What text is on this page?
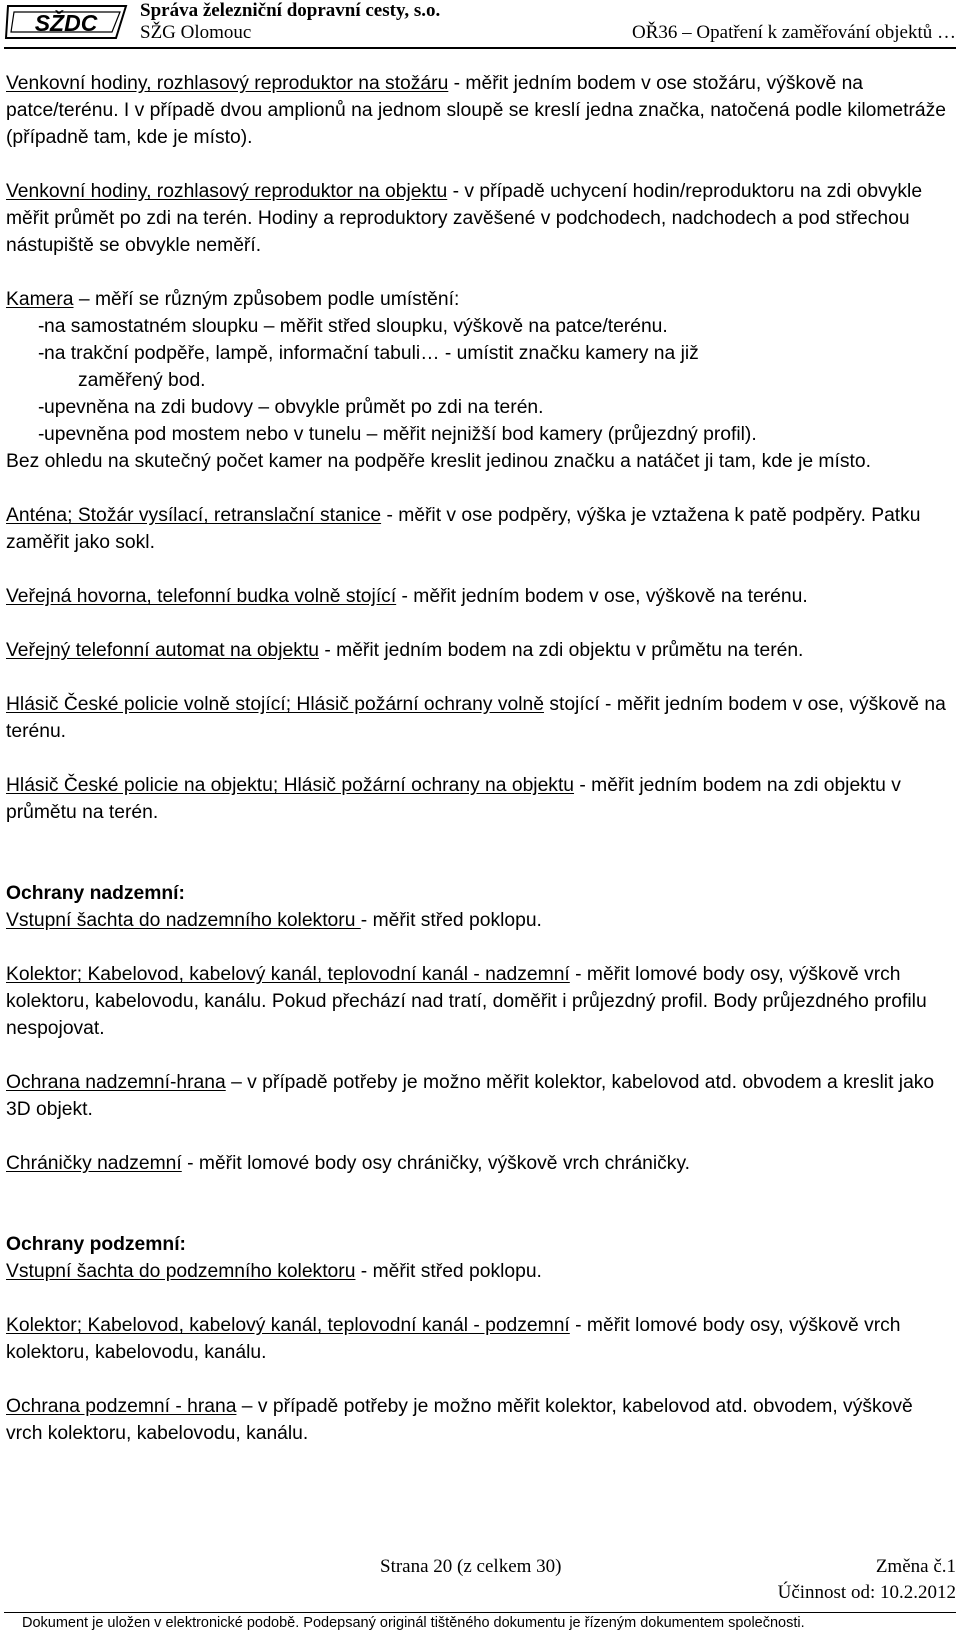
SŽDC Správa železniční dopravní cesty, s.o.
SŽG Olomouc	OŘ36 – Opatření k zaměřování objektů …

Venkovní hodiny, rozhlasový reproduktor na stožáru - měřit jedním bodem v ose stožáru, výškově na patce/terénu. I v případě dvou amplionů na jednom sloupě se kreslí jedna značka, natočená podle kilometráže (případně tam, kde je místo).

Venkovní hodiny, rozhlasový reproduktor na objektu - v případě uchycení hodin/reproduktoru na zdi obvykle měřit průmět po zdi na terén. Hodiny a reproduktory zavěšené v podchodech, nadchodech a pod střechou nástupiště se obvykle neměří.

Kamera – měří se různým způsobem podle umístění:

- na samostatném sloupku – měřit střed sloupku, výškově na patce/terénu.
- na trakční podpěře, lampě, informační tabuli… - umístit značku kamery na již
zaměřený bod.
- upevněna na zdi budovy – obvykle průmět po zdi na terén.
- upevněna pod mostem nebo v tunelu – měřit nejnižší bod kamery (průjezdný profil).

Bez ohledu na skutečný počet kamer na podpěře kreslit jedinou značku a natáčet ji tam, kde je místo.

Anténa; Stožár vysílací, retranslační stanice - měřit v ose podpěry, výška je vztažena k patě podpěry. Patku zaměřit jako sokl.

Veřejná hovorna, telefonní budka volně stojící - měřit jedním bodem v ose, výškově na terénu.

Veřejný telefonní automat na objektu - měřit jedním bodem na zdi objektu v průmětu na terén.

Hlásič České policie volně stojící; Hlásič požární ochrany volně stojící - měřit jedním bodem v ose, výškově na terénu.

Hlásič České policie na objektu; Hlásič požární ochrany na objektu - měřit jedním bodem na zdi objektu v průmětu na terén.

Ochrany nadzemní:

Vstupní šachta do nadzemního kolektoru - měřit střed poklopu.

Kolektor; Kabelovod, kabelový kanál, teplovodní kanál - nadzemní - měřit lomové body osy, výškově vrch kolektoru, kabelovodu, kanálu. Pokud přechází nad tratí, doměřit i průjezdný profil. Body průjezdného profilu nespojovat.

Ochrana nadzemní-hrana – v případě potřeby je možno měřit kolektor, kabelovod atd. obvodem a kreslit jako 3D objekt.

Chráničky nadzemní - měřit lomové body osy chráničky, výškově vrch chráničky.

Ochrany podzemní:

Vstupní šachta do podzemního kolektoru - měřit střed poklopu.

Kolektor; Kabelovod, kabelový kanál, teplovodní kanál - podzemní - měřit lomové body osy, výškově vrch kolektoru, kabelovodu, kanálu.

Ochrana podzemní - hrana – v případě potřeby je možno měřit kolektor, kabelovod atd. obvodem, výškově vrch kolektoru, kabelovodu, kanálu.

Strana 20 (z celkem 30)	Změna č.1
Účinnost od: 10.2.2012
Dokument je uložen v elektronické podobě. Podepsaný originál tištěného dokumentu je řízeným dokumentem společnosti.
